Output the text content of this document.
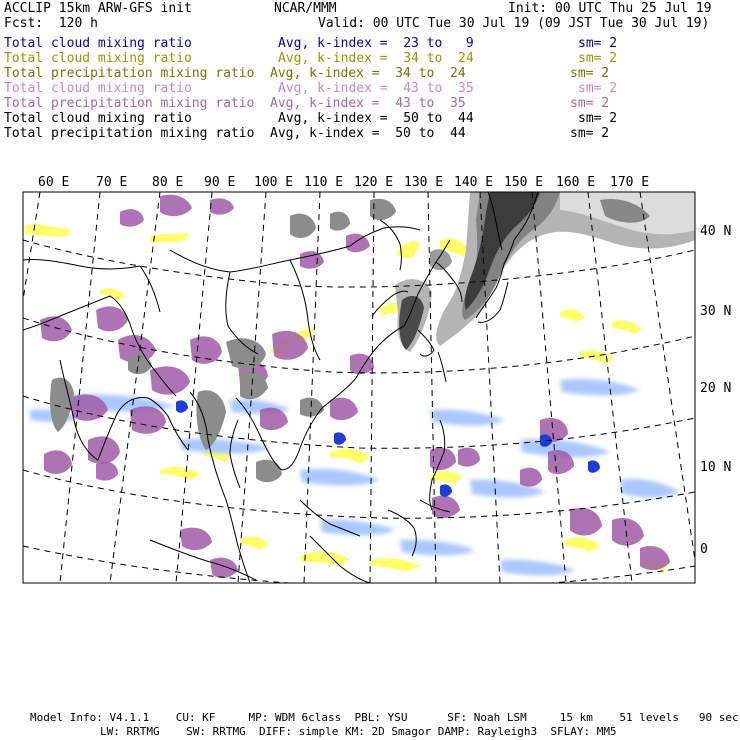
ACCLIP 15km ARW-GFS init	NCAR/MMM	Init: 00 UTC Thu 25 Jul 19
Fcst:  120 h	Valid: 00 UTC Tue 30 Jul 19 (09 JST Tue 30 Jul 19)
Total cloud mixing ratio	Avg, k-index =  23 to   9	sm= 2
Total cloud mixing ratio	Avg, k-index =  34 to  24	sm= 2
Total precipitation mixing ratio Avg, k-index =  34 to  24	sm= 2
Total cloud mixing ratio	Avg, k-index =  43 to  35	sm= 2
Total precipitation mixing ratio Avg, k-index =  43 to  35	sm= 2
Total cloud mixing ratio	Avg, k-index =  50 to  44	sm= 2
Total precipitation mixing ratio Avg, k-index =  50 to  44	sm= 2
60 E 70 E 80 E 90 E 100 E 110 E 120 E 130 E 140 E 150 E 160 E 170 E
40 N
30 N
20 N
10 N
0
Model Info: V4.1.1    CU: KF     MP: WDM 6class  PBL: YSU      SF: Noah LSM     15 km    51 levels   90 sec
LW: RRTMG    SW: RRTMG  DIFF: simple KM: 2D Smagor DAMP: Rayleigh3  SFLAY: MM5
